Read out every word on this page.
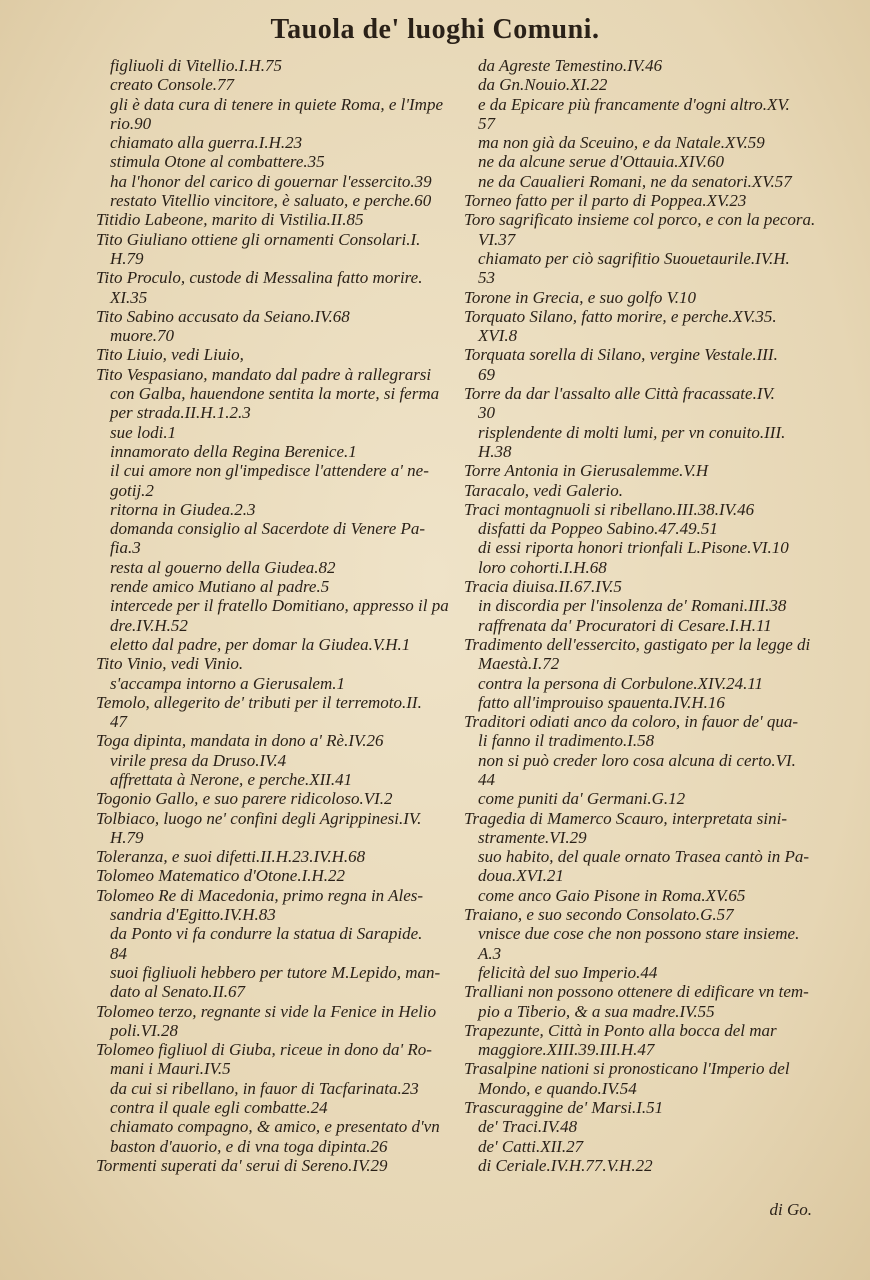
Tauola de' luoghi Comuni.
figliuoli di Vitellio.I.H.75
creato Console.77
gli è data cura di tenere in quiete Roma, e l'Impe
rio.90
chiamato alla guerra.I.H.23
stimula Otone al combattere.35
ha l'honor del carico di gouernar l'essercito.39
restato Vitellio vincitore, è saluato, e perche.60
Titidio Labeone, marito di Vistilia.II.85
Tito Giuliano ottiene gli ornamenti Consolari.I.
H.79
Tito Proculo, custode di Messalina fatto morire.
XI.35
Tito Sabino accusato da Seiano.IV.68
muore.70
Tito Liuio, vedi Liuio,
Tito Vespasiano, mandato dal padre à rallegrarsi
con Galba, hauendone sentita la morte, si ferma
per strada.II.H.1.2.3
sue lodi.1
innamorato della Regina Berenice.1
il cui amore non gl'impedisce l'attendere a' ne-
gotij.2
ritorna in Giudea.2.3
domanda consiglio al Sacerdote di Venere Pa-
fia.3
resta al gouerno della Giudea.82
rende amico Mutiano al padre.5
intercede per il fratello Domitiano, appresso il pa
dre.IV.H.52
eletto dal padre, per domar la Giudea.V.H.1
Tito Vinio, vedi Vinio.
s'accampa intorno a Gierusalem.1
Temolo, allegerito de' tributi per il terremoto.II.
47
Toga dipinta, mandata in dono a' Rè.IV.26
virile presa da Druso.IV.4
affrettata à Nerone, e perche.XII.41
Togonio Gallo, e suo parere ridicoloso.VI.2
Tolbiaco, luogo ne' confini degli Agrippinesi.IV.
H.79
Toleranza, e suoi difetti.II.H.23.IV.H.68
Tolomeo Matematico d'Otone.I.H.22
Tolomeo Re di Macedonia, primo regna in Ales-
sandria d'Egitto.IV.H.83
da Ponto vi fa condurre la statua di Sarapide.
84
suoi figliuoli hebbero per tutore M.Lepido, man-
dato al Senato.II.67
Tolomeo terzo, regnante si vide la Fenice in Helio
poli.VI.28
Tolomeo figliuol di Giuba, riceue in dono da' Ro-
mani i Mauri.IV.5
da cui si ribellano, in fauor di Tacfarinata.23
contra il quale egli combatte.24
chiamato compagno, & amico, e presentato d'vn
baston d'auorio, e di vna toga dipinta.26
Tormenti superati da' serui di Sereno.IV.29
da Agreste Temestino.IV.46
da Gn.Nouio.XI.22
e da Epicare più francamente d'ogni altro.XV.
57
ma non già da Sceuino, e da Natale.XV.59
ne da alcune serue d'Ottauia.XIV.60
ne da Caualieri Romani, ne da senatori.XV.57
Torneo fatto per il parto di Poppea.XV.23
Toro sagrificato insieme col porco, e con la pecora.
VI.37
chiamato per ciò sagrifitio Suouetaurile.IV.H.
53
Torone in Grecia, e suo golfo V.10
Torquato Silano, fatto morire, e perche.XV.35.
XVI.8
Torquata sorella di Silano, vergine Vestale.III.
69
Torre da dar l'assalto alle Città fracassate.IV.
30
risplendente di molti lumi, per vn conuito.III.
H.38
Torre Antonia in Gierusalemme.V.H
Taracalo, vedi Galerio.
Traci montagnuoli si ribellano.III.38.IV.46
disfatti da Poppeo Sabino.47.49.51
di essi riporta honori trionfali L.Pisone.VI.10
loro cohorti.I.H.68
Tracia diuisa.II.67.IV.5
in discordia per l'insolenza de' Romani.III.38
raffrenata da' Procuratori di Cesare.I.H.11
Tradimento dell'essercito, gastigato per la legge di
Maestà.I.72
contra la persona di Corbulone.XIV.24.11
fatto all'improuiso spauenta.IV.H.16
Traditori odiati anco da coloro, in fauor de' qua-
li fanno il tradimento.I.58
non si può creder loro cosa alcuna di certo.VI.
44
come puniti da' Germani.G.12
Tragedia di Mamerco Scauro, interpretata sini-
stramente.VI.29
suo habito, del quale ornato Trasea cantò in Pa-
doua.XVI.21
come anco Gaio Pisone in Roma.XV.65
Traiano, e suo secondo Consolato.G.57
vnisce due cose che non possono stare insieme.
A.3
felicità del suo Imperio.44
Tralliani non possono ottenere di edificare vn tem-
pio a Tiberio, & a sua madre.IV.55
Trapezunte, Città in Ponto alla bocca del mar
maggiore.XIII.39.III.H.47
Trasalpine nationi si pronosticano l'Imperio del
Mondo, e quando.IV.54
Trascuraggine de' Marsi.I.51
de' Traci.IV.48
de' Catti.XII.27
di Ceriale.IV.H.77.V.H.22
di Go.
